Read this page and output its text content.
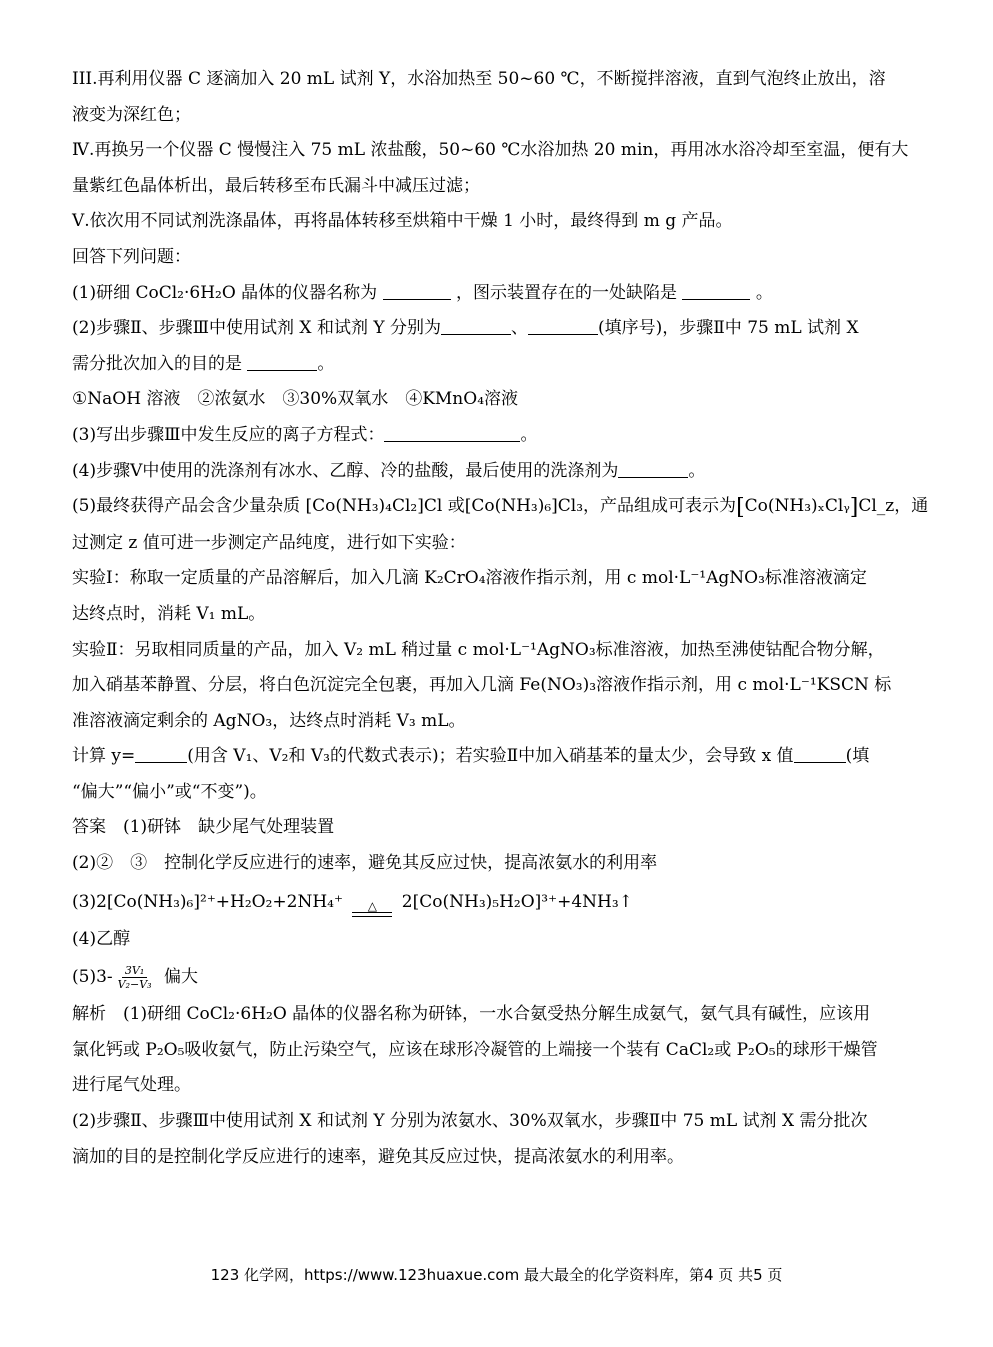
III.再利用仪器 C 逐滴加入 20 mL 试剂 Y，水浴加热至 50~60 ℃，不断搅拌溶液，直到气泡终止放出，溶
液变为深红色；
Ⅳ.再换另一个仪器 C 慢慢注入 75 mL 浓盐酸，50~60 ℃水浴加热 20 min，再用冰水浴冷却至室温，便有大
量紫红色晶体析出，最后转移至布氏漏斗中减压过滤；
Ⅴ.依次用不同试剂洗涤晶体，再将晶体转移至烘箱中干燥 1 小时，最终得到 m g 产品。
回答下列问题：
(1)研细 CoCl₂·6H₂O 晶体的仪器名称为	，图示装置存在的一处缺陷是	。
(2)步骤Ⅱ、步骤Ⅲ中使用试剂 X 和试剂 Y 分别为	、	(填序号)，步骤Ⅱ中 75 mL 试剂 X
需分批次加入的目的是	。
①NaOH 溶液　②浓氨水　③30%双氧水　④KMnO₄溶液
(3)写出步骤Ⅲ中发生反应的离子方程式：	。
(4)步骤Ⅴ中使用的洗涤剂有冰水、乙醇、冷的盐酸，最后使用的洗涤剂为	。
(5)最终获得产品会含少量杂质 [Co(NH₃)₄Cl₂]Cl 或[Co(NH₃)₆]Cl₃，产品组成可表示为[Co(NH₃)ₓClᵧ]Cl_z，通
过测定 z 值可进一步测定产品纯度，进行如下实验：
实验Ⅰ：称取一定质量的产品溶解后，加入几滴 K₂CrO₄溶液作指示剂，用 c mol·L⁻¹AgNO₃标准溶液滴定
达终点时，消耗 V₁ mL。
实验Ⅱ：另取相同质量的产品，加入 V₂ mL 稍过量 c mol·L⁻¹AgNO₃标准溶液，加热至沸使钴配合物分解，
加入硝基苯静置、分层，将白色沉淀完全包裹，再加入几滴 Fe(NO₃)₃溶液作指示剂，用 c mol·L⁻¹KSCN 标
准溶液滴定剩余的 AgNO₃，达终点时消耗 V₃ mL。
计算 y=	(用含 V₁、V₂和 V₃的代数式表示)；若实验Ⅱ中加入硝基苯的量太少，会导致 x 值	(填
“偏大”“偏小”或“不变”)。
答案　(1)研钵　缺少尾气处理装置
(2)②　③　控制化学反应进行的速率，避免其反应过快，提高浓氨水的利用率
(3)2[Co(NH₃)₆]²⁺+H₂O₂+2NH₄⁺ △ 2[Co(NH₃)₅H₂O]³⁺+4NH₃↑
(4)乙醇
$(5)3- \frac{\text{3V₁}}{\text{V₂−V₃}}$ 偏大
解析　(1)研细 CoCl₂·6H₂O 晶体的仪器名称为研钵，一水合氨受热分解生成氨气，氨气具有碱性，应该用
氯化钙或 P₂O₅吸收氨气，防止污染空气，应该在球形冷凝管的上端接一个装有 CaCl₂或 P₂O₅的球形干燥管
进行尾气处理。
(2)步骤Ⅱ、步骤Ⅲ中使用试剂 X 和试剂 Y 分别为浓氨水、30%双氧水，步骤Ⅱ中 75 mL 试剂 X 需分批次
滴加的目的是控制化学反应进行的速率，避免其反应过快，提高浓氨水的利用率。
123 化学网，https://www.123huaxue.com 最大最全的化学资料库，第4 页 共5 页
